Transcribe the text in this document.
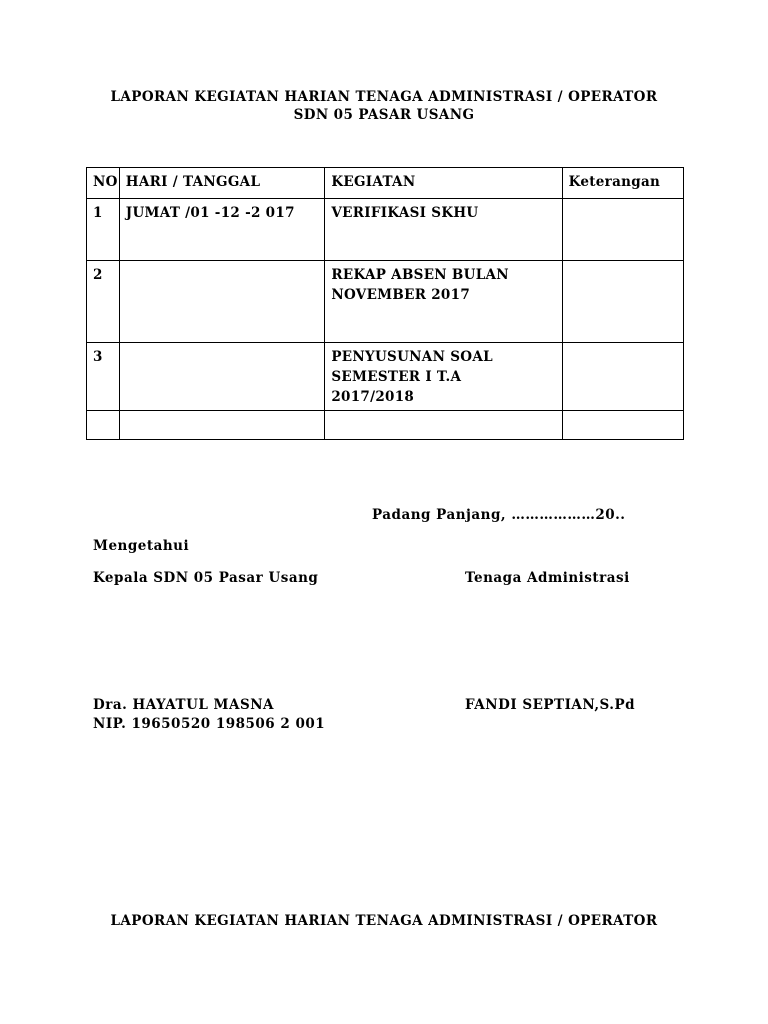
LAPORAN KEGIATAN HARIAN TENAGA ADMINISTRASI / OPERATOR
SDN 05 PASAR USANG
NO	HARI / TANGGAL	KEGIATAN	Keterangan
1	JUMAT /01 -12 -2 017	VERIFIKASI SKHU	

2		REKAP ABSEN BULAN
NOVEMBER 2017	

3		PENYUSUNAN SOAL
SEMESTER I T.A
2017/2018	

Padang Panjang, ………………20..
Mengetahui
Kepala SDN 05 Pasar Usang	Tenaga Administrasi
Dra. HAYATUL MASNA
NIP. 19650520 198506 2 001
FANDI SEPTIAN,S.Pd
LAPORAN KEGIATAN HARIAN TENAGA ADMINISTRASI / OPERATOR
